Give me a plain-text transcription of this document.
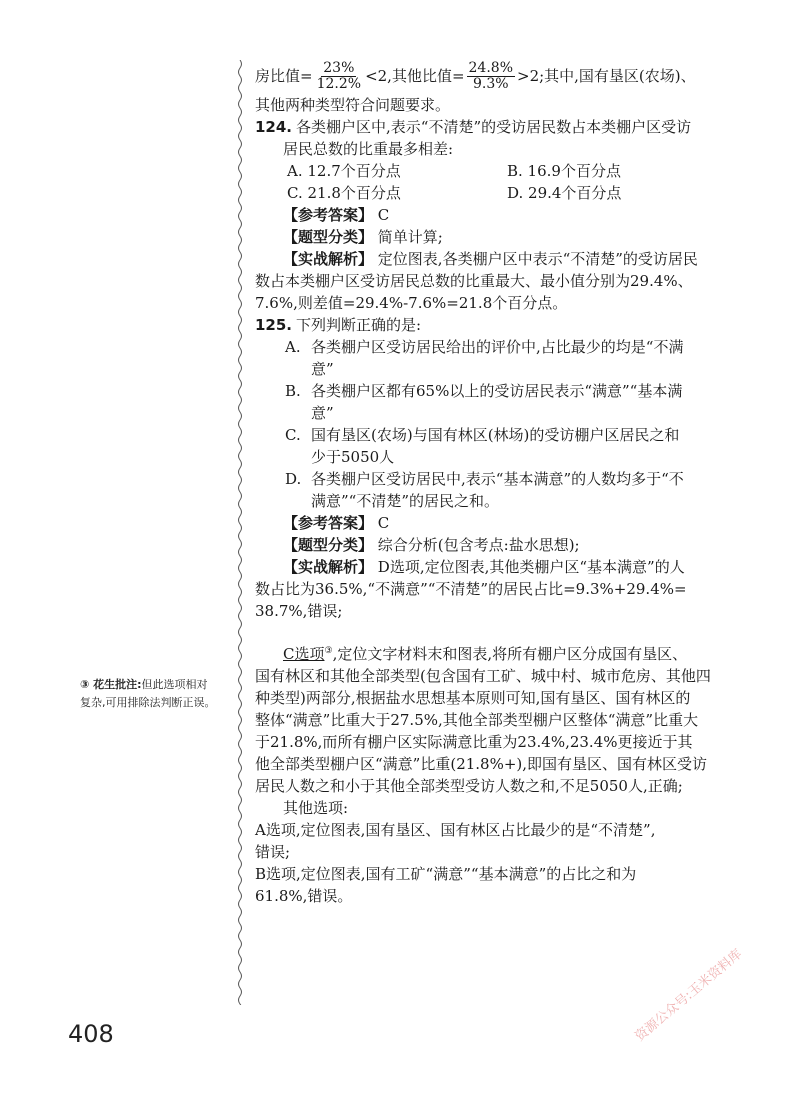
房比值= $\frac{23\%}{12.2\%} <2$,其他比值= $\frac{24.8\%}{9.3\%} >2$;其中,国有垦区(农场)、
其他两种类型符合问题要求。
124. 各类棚户区中,表示“不清楚”的受访居民数占本类棚户区受访
居民总数的比重最多相差:
A. 12.7个百分点	B. 16.9个百分点
C. 21.8个百分点	D. 29.4个百分点
【参考答案】 C
【题型分类】 简单计算;
【实战解析】 定位图表,各类棚户区中表示“不清楚”的受访居民
数占本类棚户区受访居民总数的比重最大、最小值分别为29.4%、
7.6%,则差值=29.4%-7.6%=21.8个百分点。
125. 下列判断正确的是:
A. 各类棚户区受访居民给出的评价中,占比最少的均是“不满
意”
B. 各类棚户区都有65%以上的受访居民表示“满意”“基本满
意”
C. 国有垦区(农场)与国有林区(林场)的受访棚户区居民之和
少于5050人
D. 各类棚户区受访居民中,表示“基本满意”的人数均多于“不
满意”“不清楚”的居民之和。
【参考答案】 C
【题型分类】 综合分析(包含考点:盐水思想);
【实战解析】 D选项,定位图表,其他类棚户区“基本满意”的人
数占比为36.5%,“不满意”“不清楚”的居民占比=9.3%+29.4%=
38.7%,错误;
C选项③,定位文字材料末和图表,将所有棚户区分成国有垦区、
国有林区和其他全部类型(包含国有工矿、城中村、城市危房、其他四
种类型)两部分,根据盐水思想基本原则可知,国有垦区、国有林区的
整体“满意”比重大于27.5%,其他全部类型棚户区整体“满意”比重大
于21.8%,而所有棚户区实际满意比重为23.4%,23.4%更接近于其
他全部类型棚户区“满意”比重(21.8%+),即国有垦区、国有林区受访
居民人数之和小于其他全部类型受访人数之和,不足5050人,正确;
其他选项:
A选项,定位图表,国有垦区、国有林区占比最少的是“不清楚”,
错误;
B选项,定位图表,国有工矿“满意”“基本满意”的占比之和为
61.8%,错误。
③ 花生批注:但此选项相对
复杂,可用排除法判断正误。
408	资源公众号:玉米资料库
